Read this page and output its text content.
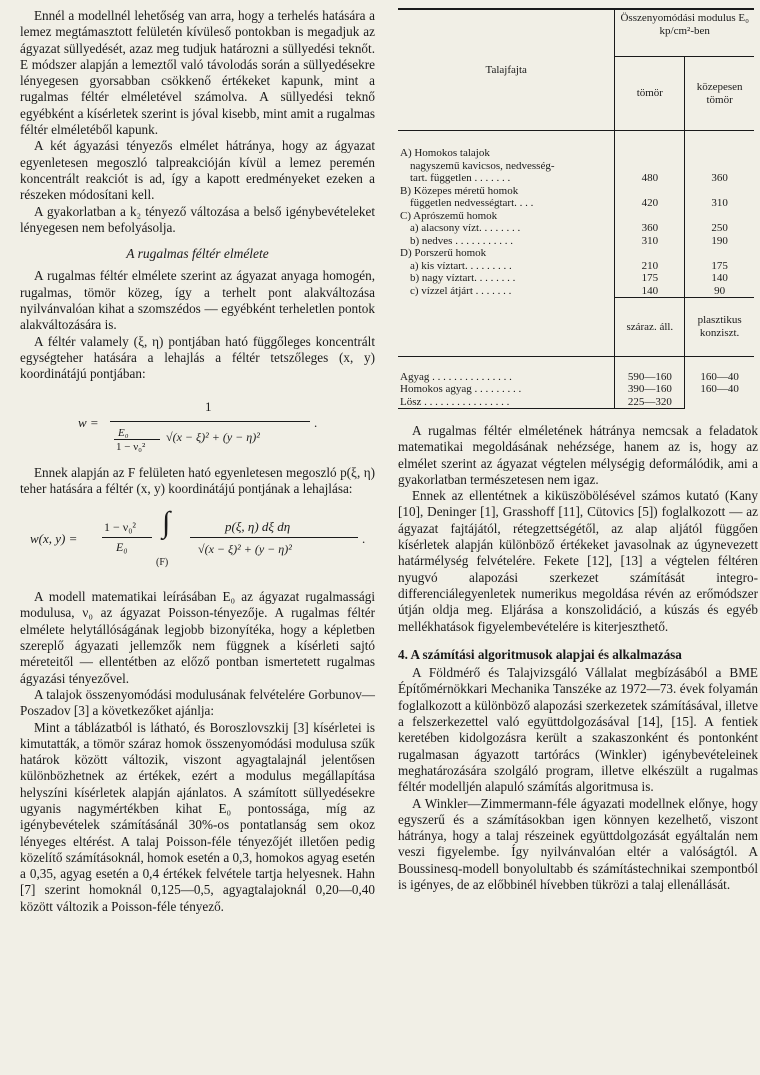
Ennél a modellnél lehetőség van arra, hogy a terhelés hatására a lemez megtámasztott felületén kívüleső pontokban is megadjuk az ágyazat süllyedését, azaz meg tudjuk határozni a süllyedési teknőt. E módszer alapján a lemeztől való távolodás során a süllyedésekre lényegesen gyorsabban csökkenő értékeket kapunk, mint a rugalmas féltér elméletével számolva. A süllyedési teknő egyébként a kísérletek szerint is jóval kisebb, mint amit a rugalmas féltér elméletéből kapunk.

A két ágyazási tényezős elmélet hátránya, hogy az ágyazat egyenletesen megoszló talpreakcióján kívül a lemez peremén koncentrált reakciót is ad, így a kapott eredményeket ezeken a részeken módosítani kell.

A gyakorlatban a k₂ tényező változása a belső igénybevételeket lényegesen nem befolyásolja.

A rugalmas féltér elmélete

A rugalmas féltér elmélete szerint az ágyazat anyaga homogén, rugalmas, tömör közeg, így a terhelt pont alakváltozása nyilvánvalóan kihat a szomszédos — egyébként terheletlen pontok alakváltozására is.

A féltér valamely (ξ, η) pontjában ható függőleges koncentrált egységteher hatására a lehajlás a féltér tetszőleges (x, y) koordinátájú pontjában:

w =
1
E₀
1 − ν₀²
√(x − ξ)² + (y − η)²
.

Ennek alapján az F felületen ható egyenletesen megoszló p(ξ, η) teher hatására a féltér (x, y) koordinátájú pontjának a lehajlása:

w(x, y) =
1 − ν₀²
E₀
∫
(F)
p(ξ, η) dξ dη
√(x − ξ)² + (y − η)²
.

A modell matematikai leírásában E₀ az ágyazat rugalmassági modulusa, ν₀ az ágyazat Poisson-tényezője. A rugalmas féltér elmélete helytállóságának legjobb bizonyítéka, hogy a képletben szereplő ágyazati jellemzők nem függnek a kísérleti sajtó méreteitől — ellentétben az előző pontban ismertetett rugalmas ágyazási tényezővel.

A talajok összenyomódási modulusának felvételére Gorbunov—Poszadov [3] a következőket ajánlja:

Mint a táblázatból is látható, és Boroszlovszkij [3] kísérletei is kimutatták, a tömör száraz homok összenyomódási modulusa szűk határok között változik, viszont agyagtalajnál jelentősen különbözhetnek az értékek, ezért a modulus megállapítása helyszíni kísérletek alapján ajánlatos. A számított süllyedésekre ugyanis nagymértékben kihat E₀ pontossága, míg az igénybevételek számításánál 30%-os pontatlanság sem okoz lényeges eltérést. A talaj Poisson-féle tényezőjét illetően pedig közelítő számításoknál, homok esetén a 0,3, homokos agyag esetén a 0,35, agyag esetén a 0,4 értékek felvétele tartja helyesnek. Hahn [7] szerint homoknál 0,125—0,5, agyagtalajoknál 0,20—0,40 között változik a Poisson-féle tényező.

Talajfajta	Összenyomódási modulus E₀ kp/cm²-ben	
	tömör	közepesen tömör

A) Homokos talajok		
nagyszemű kavicsos, nedvesség-		
tart. független . . . . . . .	480	360
B) Közepes méretű homok		
független nedvességtart. . . .	420	310
C) Aprószemű homok		
a) alacsony vízt. . . . . . . .	360	250
b) nedves . . . . . . . . . . .	310	190
D) Porszerű homok		
a) kis víztart. . . . . . . . .	210	175
b) nagy víztart. . . . . . . .	175	140
c) vízzel átjárt . . . . . . .	140	90
	száraz. áll.	plasztikus konziszt.

Agyag . . . . . . . . . . . . . . .	590—160	160—40
Homokos agyag . . . . . . . . .	390—160	160—40
Lösz . . . . . . . . . . . . . . . .	225—320	

A rugalmas féltér elméletének hátránya nemcsak a feladatok matematikai megoldásának nehézsége, hanem az is, hogy az elmélet szerint az ágyazat végtelen mélységig deformálódik, ami a gyakorlatban természetesen nem igaz.

Ennek az ellentétnek a kiküszöbölésével számos kutató (Kany [10], Deninger [1], Grasshoff [11], Cütovics [5]) foglalkozott — az ágyazat fajtájától, rétegzettségétől, az alap aljától függően kísérletek alapján különböző értékeket javasolnak az úgynevezett határmélység felvételére. Fekete [12], [13] a végtelen féltéren nyugvó alapozási szerkezet számítását integro-differenciálegyenletek numerikus megoldása révén az erőmódszer útján oldja meg. Eljárása a konszolidáció, a kúszás és egyéb mellékhatások figyelembevételére is kiterjeszthető.

4. A számítási algoritmusok alapjai és alkalmazása

A Földmérő és Talajvizsgáló Vállalat megbízásából a BME Építőmérnökkari Mechanika Tanszéke az 1972—73. évek folyamán foglalkozott a különböző alapozási szerkezetek számításával, illetve a felszerkezettel való együttdolgozásával [14], [15]. A fentiek keretében kidolgozásra került a szakaszonként és pontonként rugalmasan ágyazott tartórács (Winkler) igénybevételeinek meghatározására szolgáló program, illetve elkészült a rugalmas féltér modelljén alapuló számítás algoritmusa is.

A Winkler—Zimmermann-féle ágyazati modellnek előnye, hogy egyszerű és a számításokban igen könnyen kezelhető, viszont hátránya, hogy a talaj részeinek együttdolgozását egyáltalán nem veszi figyelembe. Így nyilvánvalóan eltér a valóságtól. A Boussinesq-modell bonyolultabb és számítástechnikai szempontból is igényes, de az előbbinél hívebben tükrözi a talaj ellenállását.
